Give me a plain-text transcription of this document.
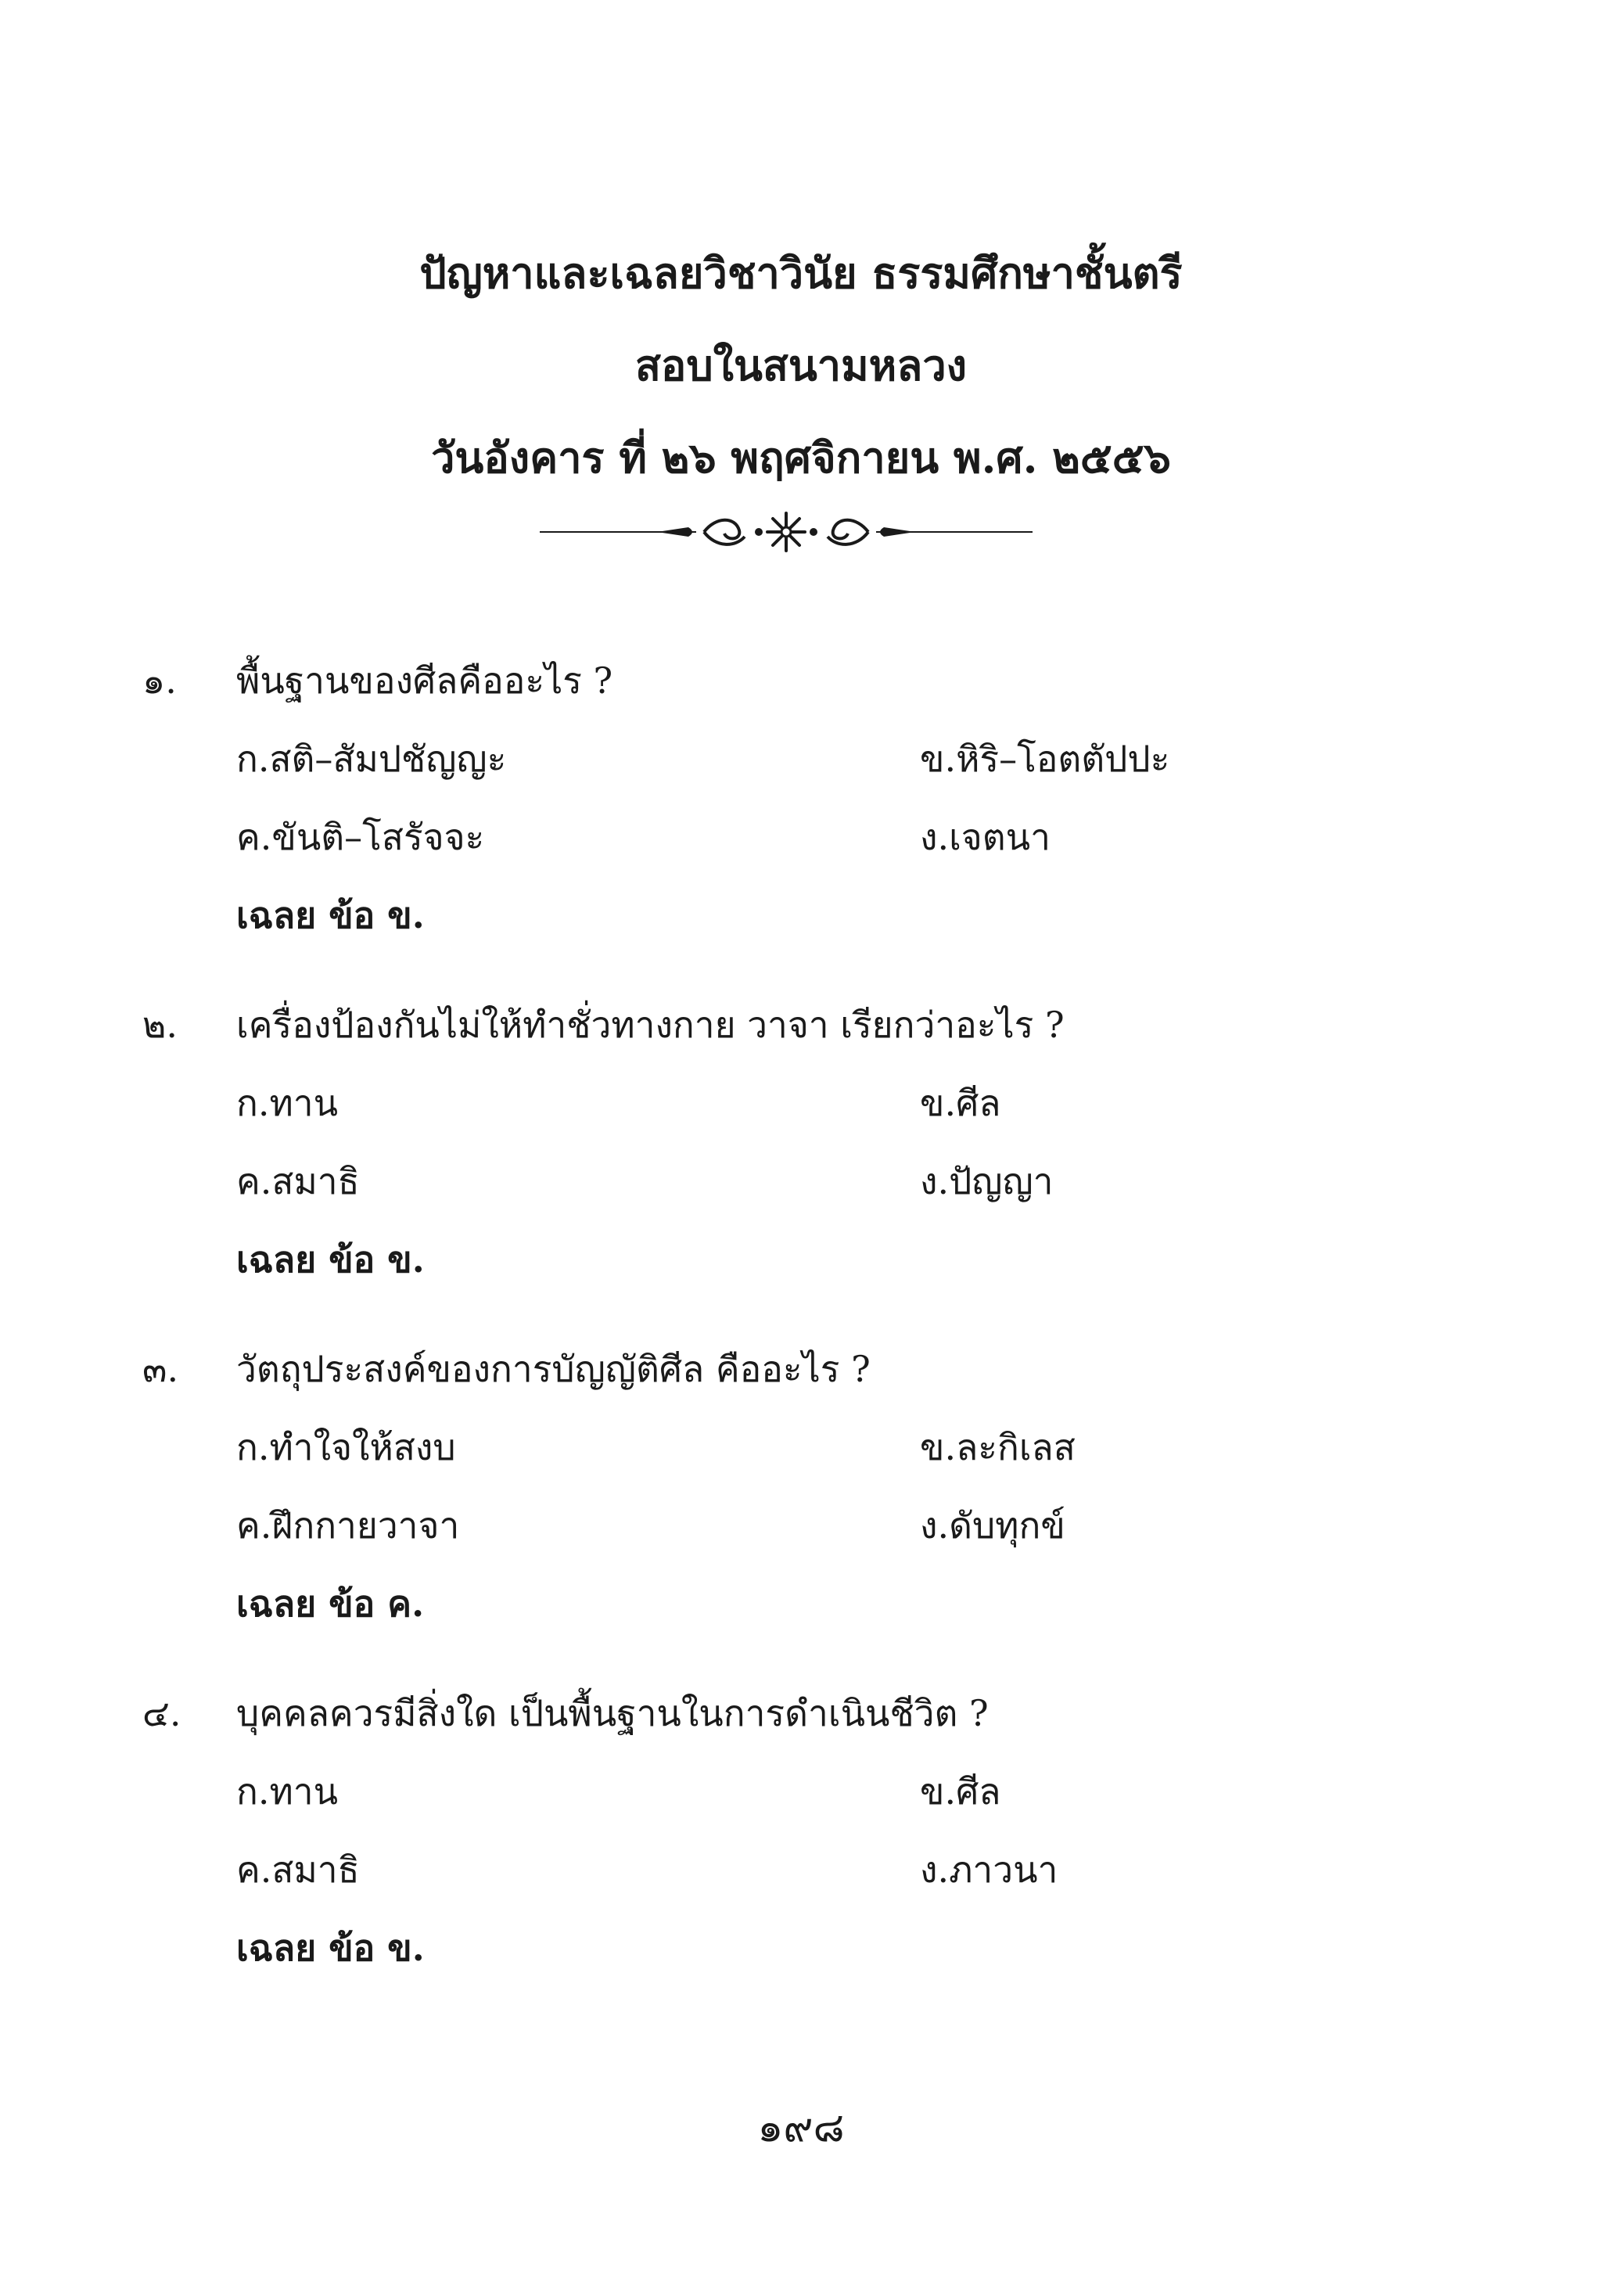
ปัญหาและเฉลยวิชาวินัย ธรรมศึกษาชั้นตรี
สอบในสนามหลวง
วันอังคาร ที่ ๒๖ พฤศจิกายน พ.ศ. ๒๕๕๖
๑. พื้นฐานของศีลคืออะไร ?
ก.สติ–สัมปชัญญะ	ข.หิริ–โอตตัปปะ
ค.ขันติ–โสรัจจะ	ง.เจตนา
เฉลย ข้อ ข.
๒. เครื่องป้องกันไม่ให้ทำชั่วทางกาย วาจา เรียกว่าอะไร ?
ก.ทาน	ข.ศีล
ค.สมาธิ	ง.ปัญญา
เฉลย ข้อ ข.
๓. วัตถุประสงค์ของการบัญญัติศีล คืออะไร ?
ก.ทำใจให้สงบ	ข.ละกิเลส
ค.ฝึกกายวาจา	ง.ดับทุกข์
เฉลย ข้อ ค.
๔. บุคคลควรมีสิ่งใด เป็นพื้นฐานในการดำเนินชีวิต ?
ก.ทาน	ข.ศีล
ค.สมาธิ	ง.ภาวนา
เฉลย ข้อ ข.
๑๙๘
